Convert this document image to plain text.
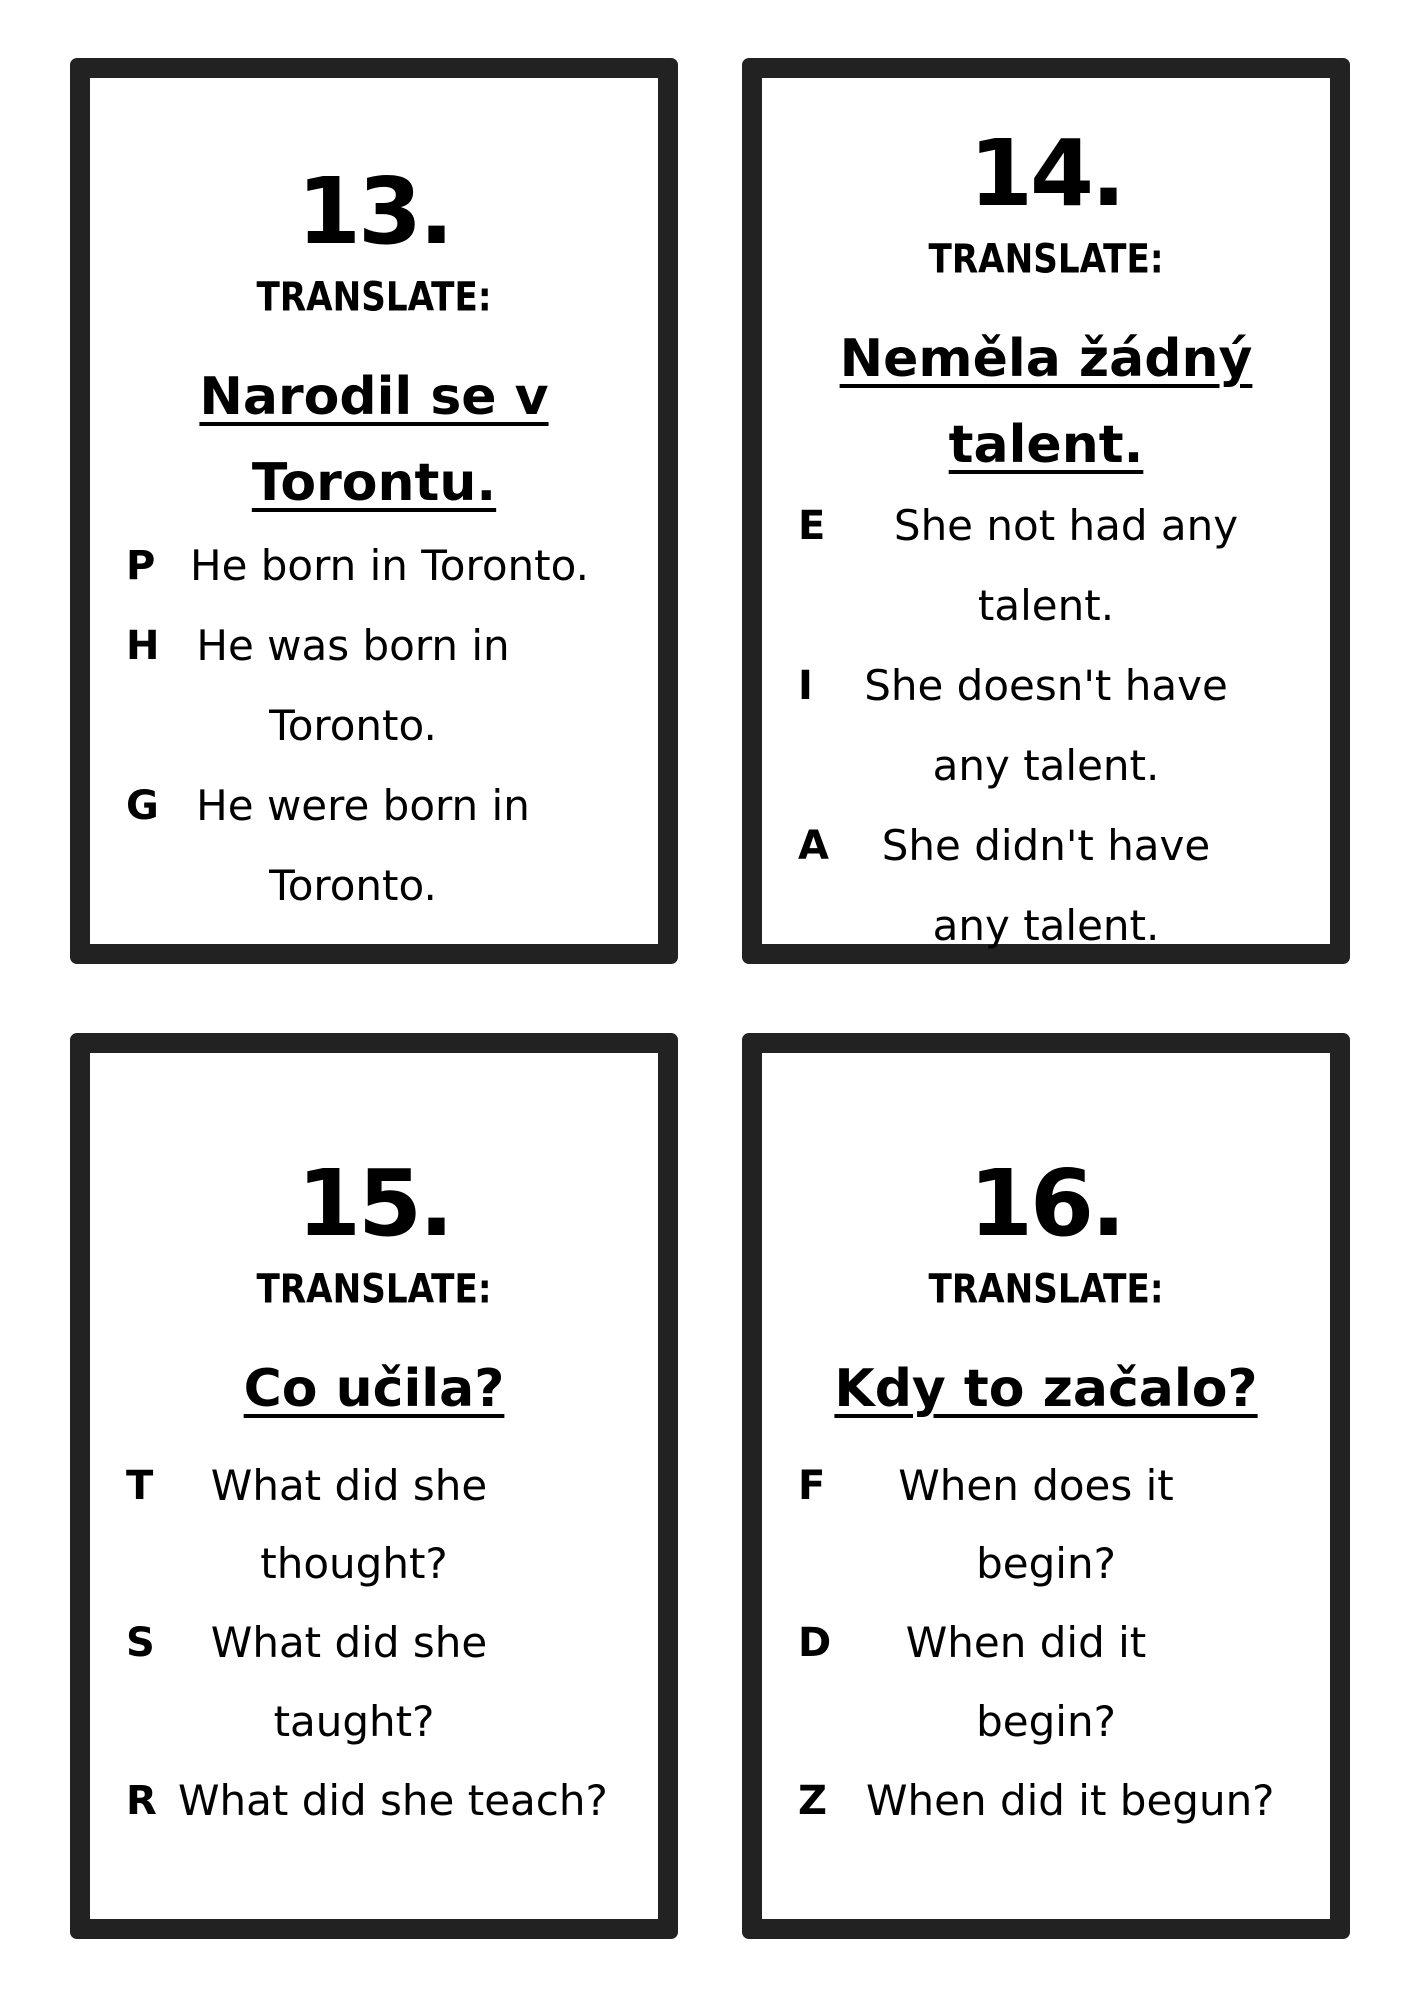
13.
TRANSLATE:
Narodil se v
Torontu.
P He born in Toronto.
H He was born in
Toronto.
G He were born in
Toronto.
14.
TRANSLATE:
Neměla žádný
talent.
E	She not had any
talent.
I She doesn't have
any talent.
A	She didn't have
any talent.
15.
TRANSLATE:
Co učila?
T	What did she
thought?
S	What did she
taught?
R What did she teach?
16.
TRANSLATE:
Kdy to začalo?
F	When does it
begin?
D	When did it
begin?
Z When did it begun?
